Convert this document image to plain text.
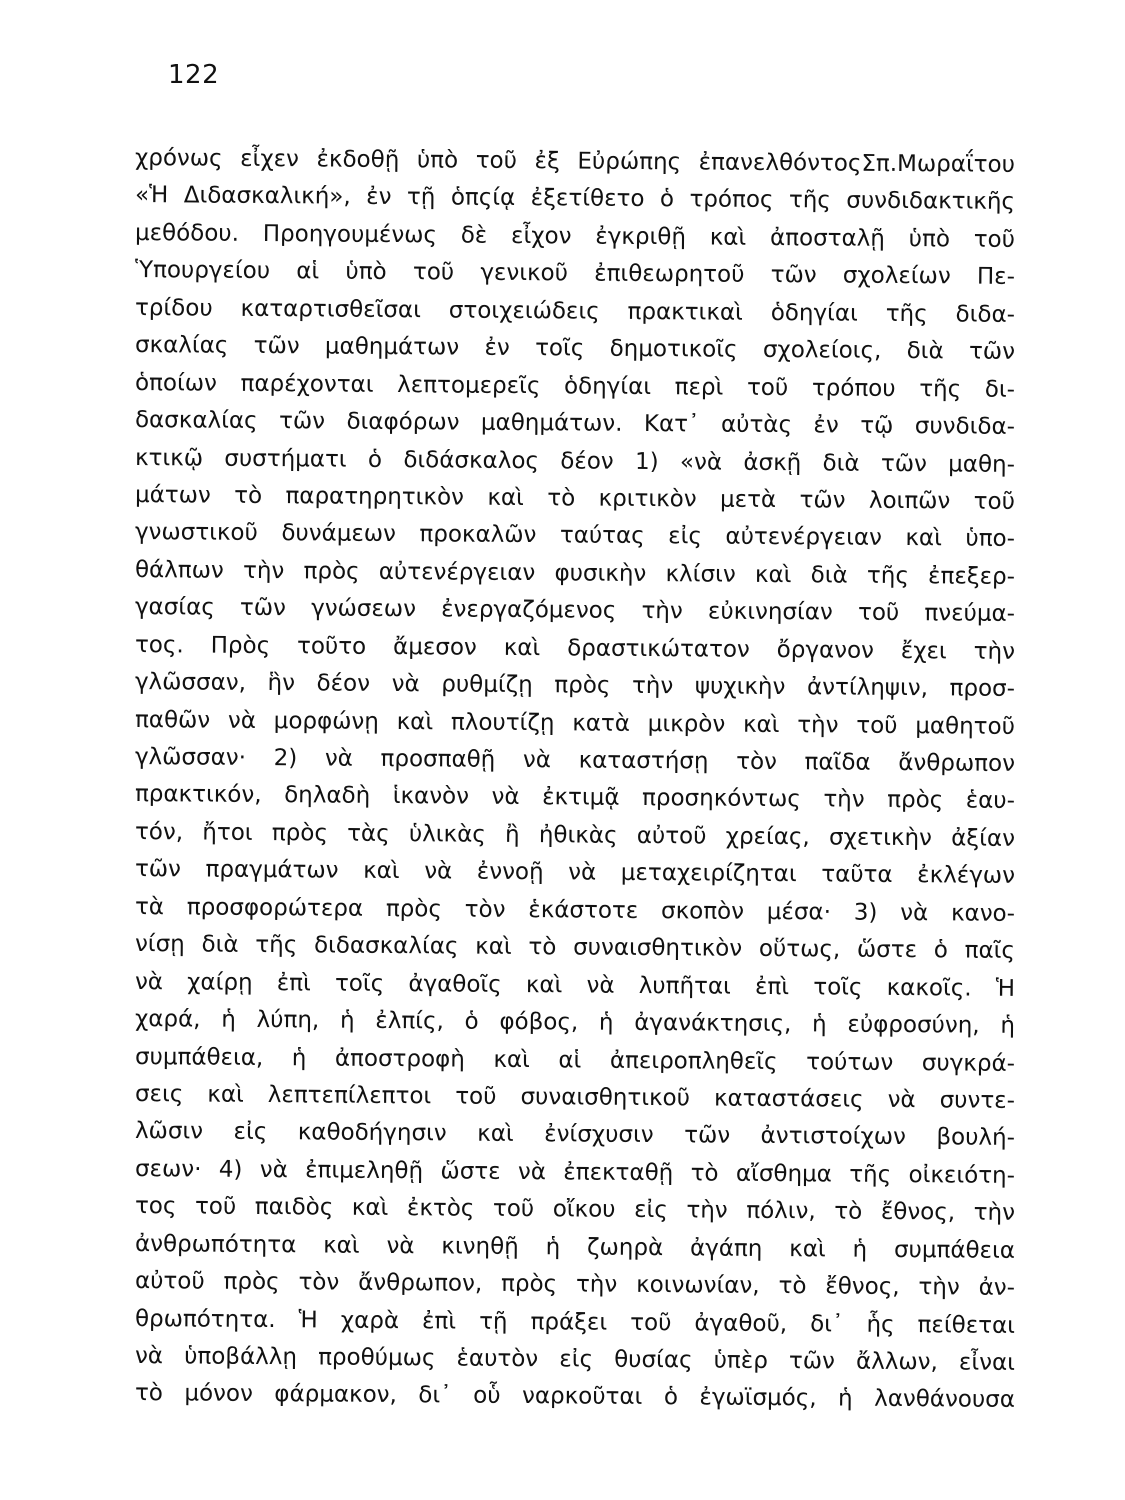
122
χρόνως εἶχεν ἐκδοθῇ ὑπὸ τοῦ ἐξ Εὐρώπης ἐπανελθόντοςΣπ.Μωραΐτου
«Ἡ Διδασκαλική», ἐν τῇ ὁπςίᾳ ἐξετίθετο ὁ τρόπος τῆς συνδιδακτικῆς
μεθόδου. Προηγουμένως δὲ εἶχον ἐγκριθῇ καὶ ἀποσταλῇ ὑπὸ τοῦ
Ὑπουργείου αἱ ὑπὸ τοῦ γενικοῦ ἐπιθεωρητοῦ τῶν σχολείων Πε-
τρίδου καταρτισθεῖσαι στοιχειώδεις πρακτικαὶ ὁδηγίαι τῆς διδα-
σκαλίας τῶν μαθημάτων ἐν τοῖς δημοτικοῖς σχολείοις, διὰ τῶν
ὁποίων παρέχονται λεπτομερεῖς ὁδηγίαι περὶ τοῦ τρόπου τῆς δι-
δασκαλίας τῶν διαφόρων μαθημάτων. Κατ᾽ αὐτὰς ἐν τῷ συνδιδα-
κτικῷ συστήματι ὁ διδάσκαλος δέον 1) «νὰ ἀσκῇ διὰ τῶν μαθη-
μάτων τὸ παρατηρητικὸν καὶ τὸ κριτικὸν μετὰ τῶν λοιπῶν τοῦ
γνωστικοῦ δυνάμεων προκαλῶν ταύτας εἰς αὐτενέργειαν καὶ ὑπο-
θάλπων τὴν πρὸς αὐτενέργειαν φυσικὴν κλίσιν καὶ διὰ τῆς ἐπεξερ-
γασίας τῶν γνώσεων ἐνεργαζόμενος τὴν εὐκινησίαν τοῦ πνεύμα-
τος. Πρὸς τοῦτο ἄμεσον καὶ δραστικώτατον ὄργανον ἔχει τὴν
γλῶσσαν, ἣν δέον νὰ ρυθμίζῃ πρὸς τὴν ψυχικὴν ἀντίληψιν, προσ-
παθῶν νὰ μορφώνῃ καὶ πλουτίζῃ κατὰ μικρὸν καὶ τὴν τοῦ μαθητοῦ
γλῶσσαν· 2) νὰ προσπαθῇ νὰ καταστήσῃ τὸν παῖδα ἄνθρωπον
πρακτικόν, δηλαδὴ ἱκανὸν νὰ ἐκτιμᾷ προσηκόντως τὴν πρὸς ἑαυ-
τόν, ἤτοι πρὸς τὰς ὑλικὰς ἢ ἠθικὰς αὐτοῦ χρείας, σχετικὴν ἀξίαν
τῶν πραγμάτων καὶ νὰ ἐννοῇ νὰ μεταχειρίζηται ταῦτα ἐκλέγων
τὰ προσφορώτερα πρὸς τὸν ἑκάστοτε σκοπὸν μέσα· 3) νὰ κανο-
νίσῃ διὰ τῆς διδασκαλίας καὶ τὸ συναισθητικὸν οὕτως, ὥστε ὁ παῖς
νὰ χαίρῃ ἐπὶ τοῖς ἀγαθοῖς καὶ νὰ λυπῆται ἐπὶ τοῖς κακοῖς. Ἡ
χαρά, ἡ λύπη, ἡ ἐλπίς, ὁ φόβος, ἡ ἀγανάκτησις, ἡ εὐφροσύνη, ἡ
συμπάθεια, ἡ ἀποστροφὴ καὶ αἱ ἀπειροπληθεῖς τούτων συγκρά-
σεις καὶ λεπτεπίλεπτοι τοῦ συναισθητικοῦ καταστάσεις νὰ συντε-
λῶσιν εἰς καθοδήγησιν καὶ ἐνίσχυσιν τῶν ἀντιστοίχων βουλή-
σεων· 4) νὰ ἐπιμεληθῇ ὥστε νὰ ἐπεκταθῇ τὸ αἴσθημα τῆς οἰκειότη-
τος τοῦ παιδὸς καὶ ἐκτὸς τοῦ οἴκου εἰς τὴν πόλιν, τὸ ἔθνος, τὴν
ἀνθρωπότητα καὶ νὰ κινηθῇ ἡ ζωηρὰ ἀγάπη καὶ ἡ συμπάθεια
αὐτοῦ πρὸς τὸν ἄνθρωπον, πρὸς τὴν κοινωνίαν, τὸ ἔθνος, τὴν ἀν-
θρωπότητα. Ἡ χαρὰ ἐπὶ τῇ πράξει τοῦ ἀγαθοῦ, δι᾽ ἧς πείθεται
νὰ ὑποβάλλῃ προθύμως ἑαυτὸν εἰς θυσίας ὑπὲρ τῶν ἄλλων, εἶναι
τὸ μόνον φάρμακον, δι᾽ οὗ ναρκοῦται ὁ ἐγωϊσμός, ἡ λανθάνουσα
